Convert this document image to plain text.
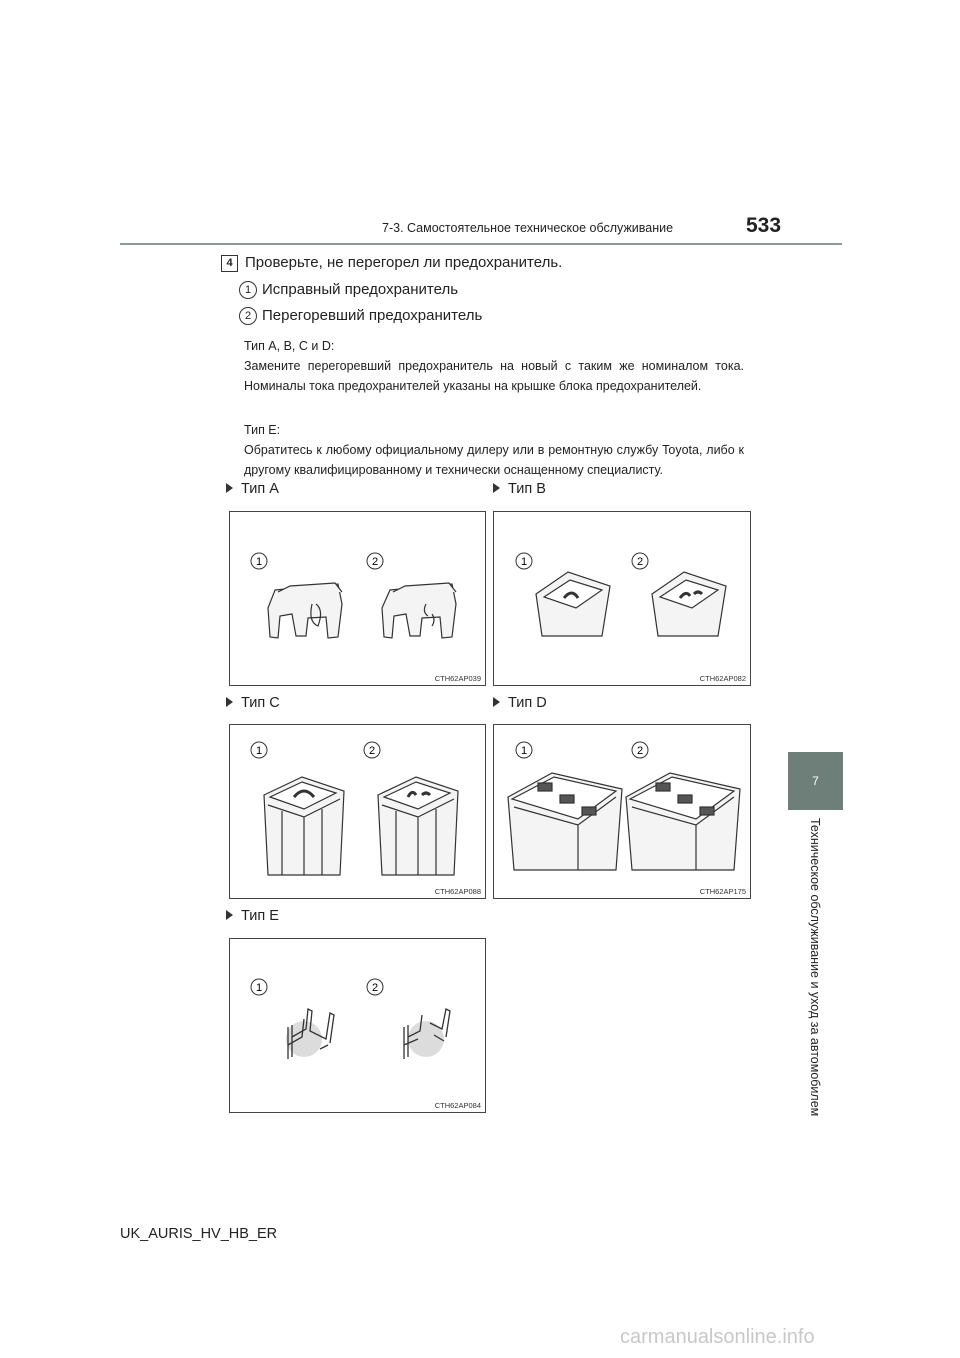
7-3. Самостоятельное техническое обслуживание	533
7
Техническое обслуживание и уход за автомобилем
4 Проверьте, не перегорел ли предохранитель.
1 Исправный предохранитель
2 Перегоревший предохранитель
Тип A, B, C и D:
Замените перегоревший предохранитель на новый с таким же номиналом тока. Номиналы тока предохранителей указаны на крышке блока предохранителей.
Тип E:
Обратитесь к любому официальному дилеру или в ремонтную службу Toyota, либо к другому квалифицированному и технически оснащенному специалисту.
Тип A
1	2
CTH62AP039
Тип B
1	2
CTH62AP082
Тип C
1	2
CTH62AP088
Тип D
1	2
CTH62AP175
Тип E
1	2
CTH62AP084
UK_AURIS_HV_HB_ER
carmanualsonline.info
